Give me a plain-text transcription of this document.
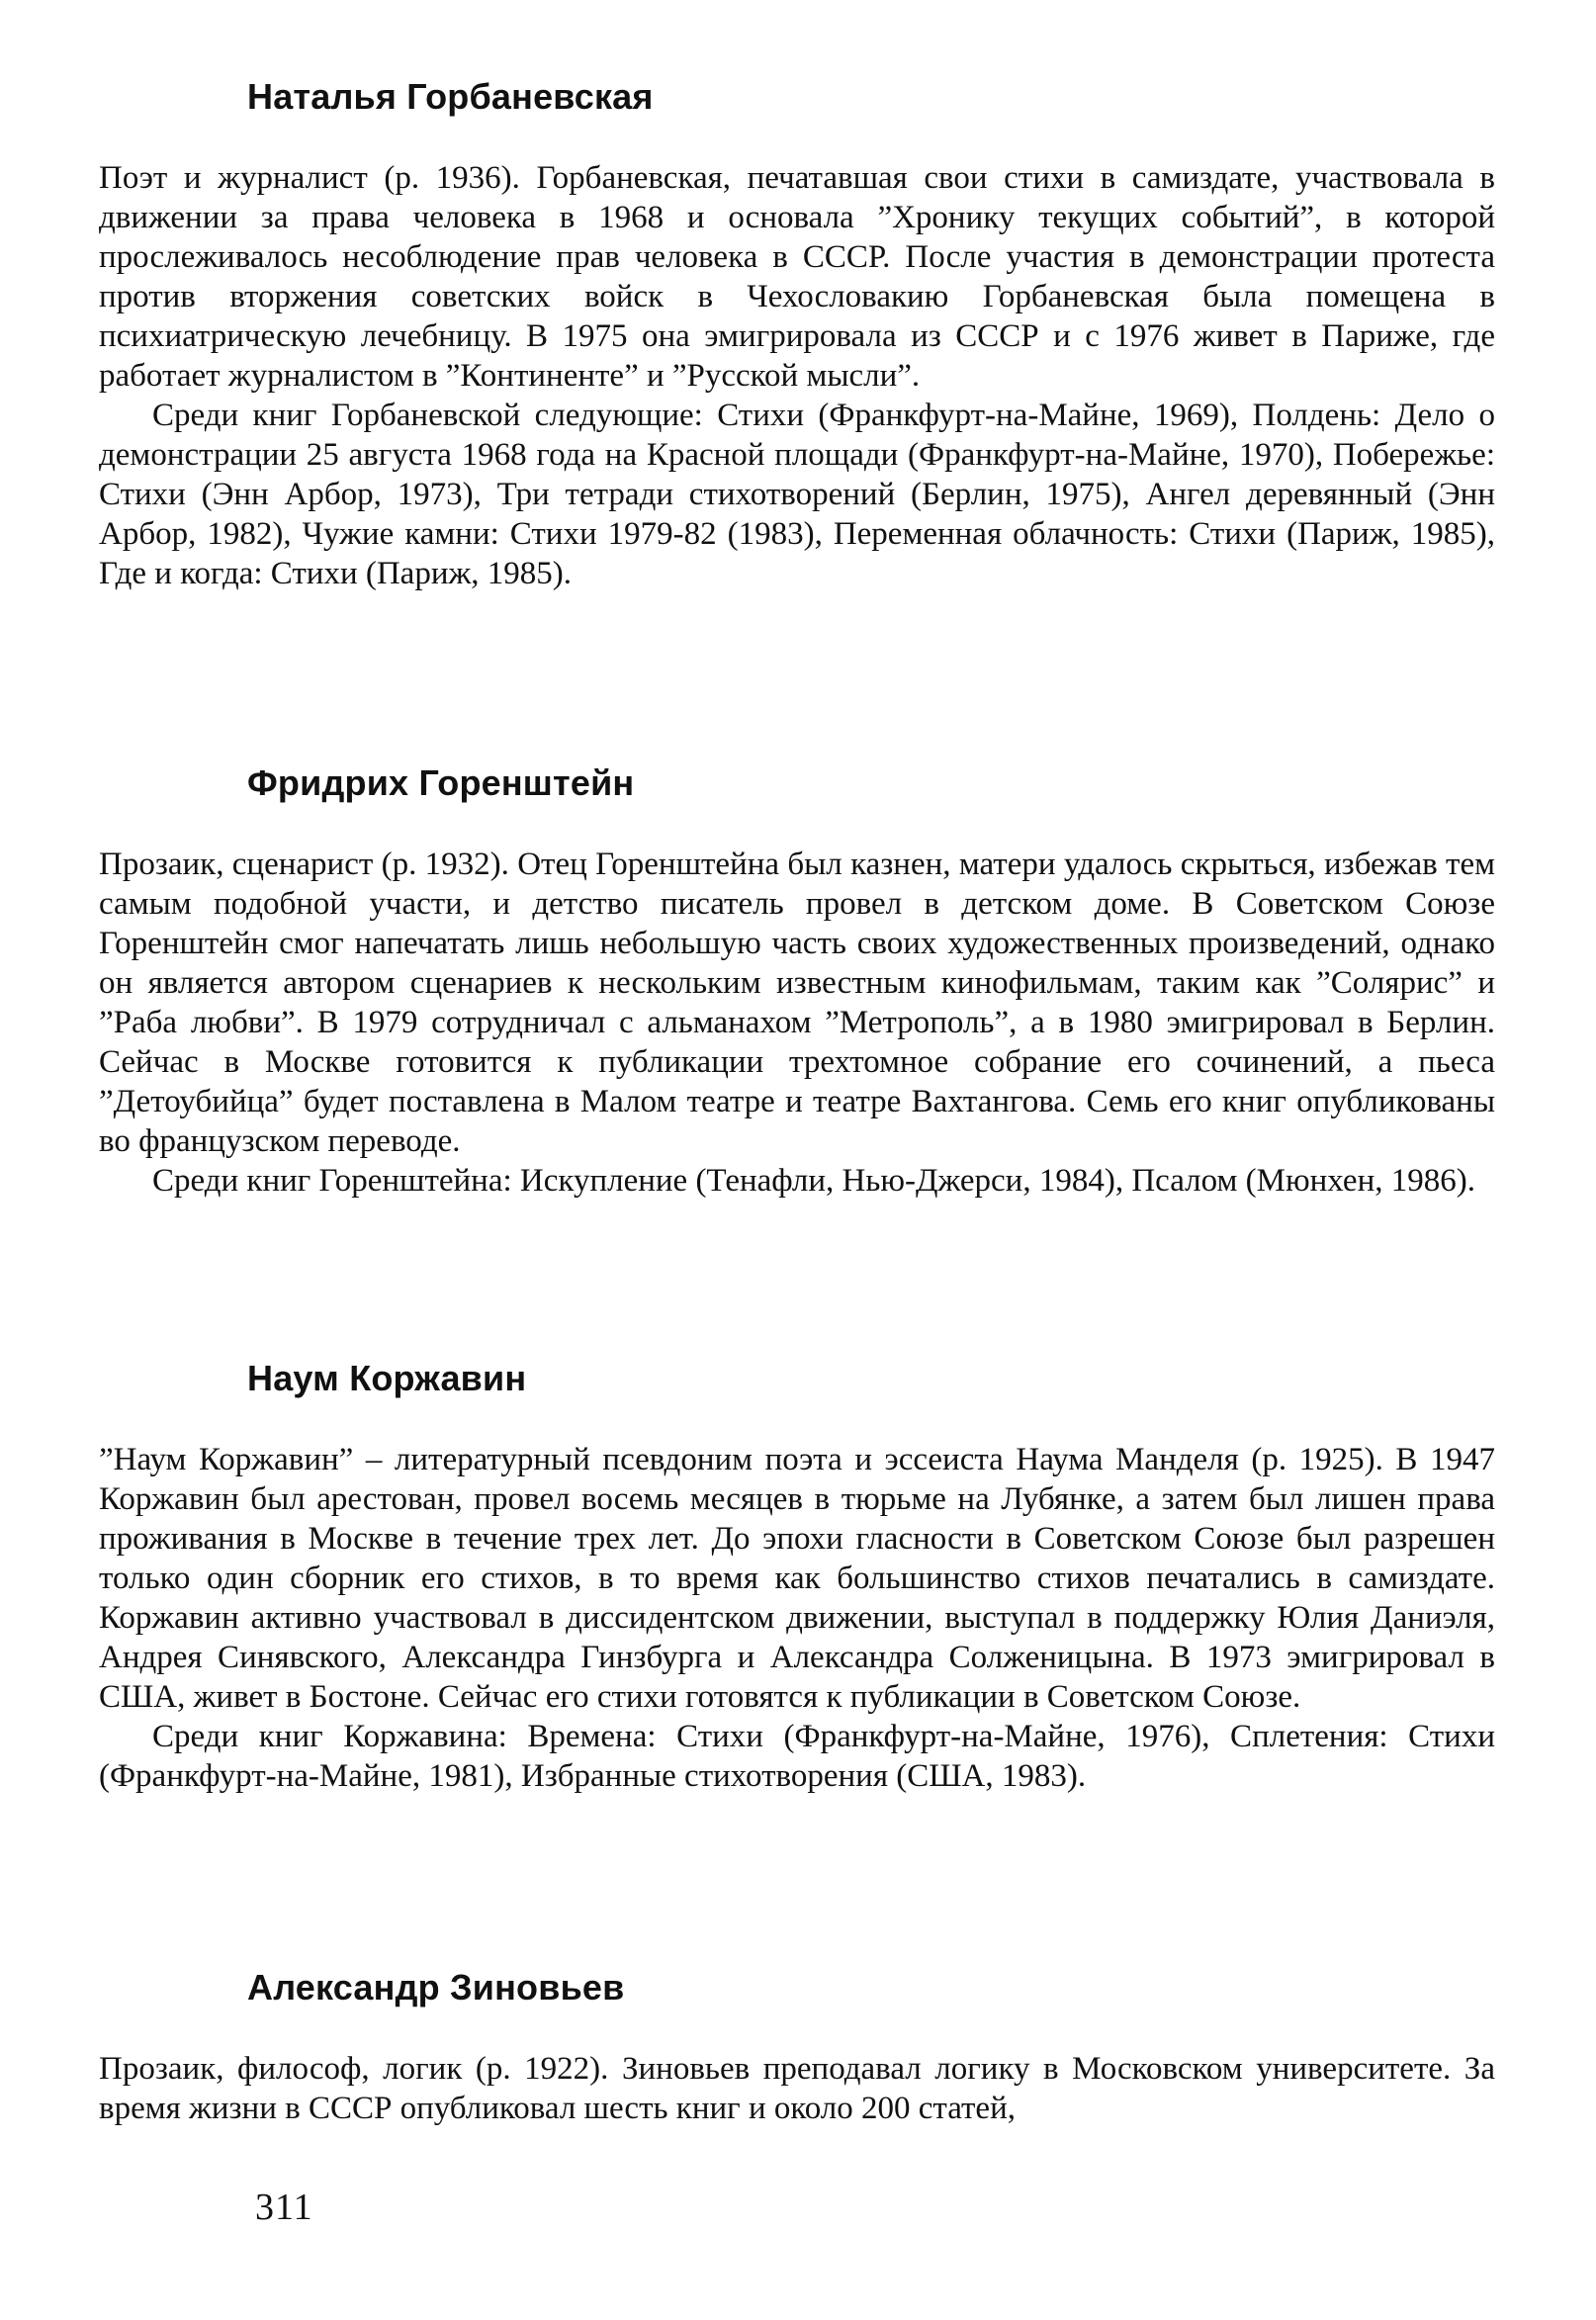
Наталья Горбаневская

Поэт и журналист (р. 1936). Горбаневская, печатавшая свои стихи в самиздате, участвовала в движении за права человека в 1968 и основала ”Хронику текущих событий”, в которой прослеживалось несоблюдение прав человека в СССР. После участия в демонстрации протеста против вторжения советских войск в Чехословакию Горбаневская была помещена в психиатрическую лечебницу. В 1975 она эмигрировала из СССР и с 1976 живет в Париже, где работает журналистом в ”Континенте” и ”Русской мысли”.

Среди книг Горбаневской следующие: Стихи (Франкфурт-на-Майне, 1969), Полдень: Дело о демонстрации 25 августа 1968 года на Красной площади (Франкфурт-на-Майне, 1970), Побережье: Стихи (Энн Арбор, 1973), Три тетради стихотворений (Берлин, 1975), Ангел деревянный (Энн Арбор, 1982), Чужие камни: Стихи 1979-82 (1983), Переменная облачность: Стихи (Париж, 1985), Где и когда: Стихи (Париж, 1985).

Фридрих Горенштейн

Прозаик, сценарист (р. 1932). Отец Горенштейна был казнен, матери удалось скрыться, избежав тем самым подобной участи, и детство писатель провел в детском доме. В Советском Союзе Горенштейн смог напечатать лишь небольшую часть своих художественных произведений, однако он является автором сценариев к нескольким известным кинофильмам, таким как ”Солярис” и ”Раба любви”. В 1979 сотрудничал с альманахом ”Метрополь”, а в 1980 эмигрировал в Берлин. Сейчас в Москве готовится к публикации трехтомное собрание его сочинений, а пьеса ”Детоубийца” будет поставлена в Малом театре и театре Вахтангова. Семь его книг опубликованы во французском переводе.

Среди книг Горенштейна: Искупление (Тенафли, Нью-Джерси, 1984), Псалом (Мюнхен, 1986).

Наум Коржавин

”Наум Коржавин” – литературный псевдоним поэта и эссеиста Наума Манделя (р. 1925). В 1947 Коржавин был арестован, провел восемь месяцев в тюрьме на Лубянке, а затем был лишен права проживания в Москве в течение трех лет. До эпохи гласности в Советском Союзе был разрешен только один сборник его стихов, в то время как большинство стихов печатались в самиздате. Коржавин активно участвовал в диссидентском движении, выступал в поддержку Юлия Даниэля, Андрея Синявского, Александра Гинзбурга и Александра Солженицына. В 1973 эмигрировал в США, живет в Бостоне. Сейчас его стихи готовятся к публикации в Советском Союзе.

Среди книг Коржавина: Времена: Стихи (Франкфурт-на-Майне, 1976), Сплетения: Стихи (Франкфурт-на-Майне, 1981), Избранные стихотворения (США, 1983).

Александр Зиновьев

Прозаик, философ, логик (р. 1922). Зиновьев преподавал логику в Московском университете. За время жизни в СССР опубликовал шесть книг и около 200 статей,

311
